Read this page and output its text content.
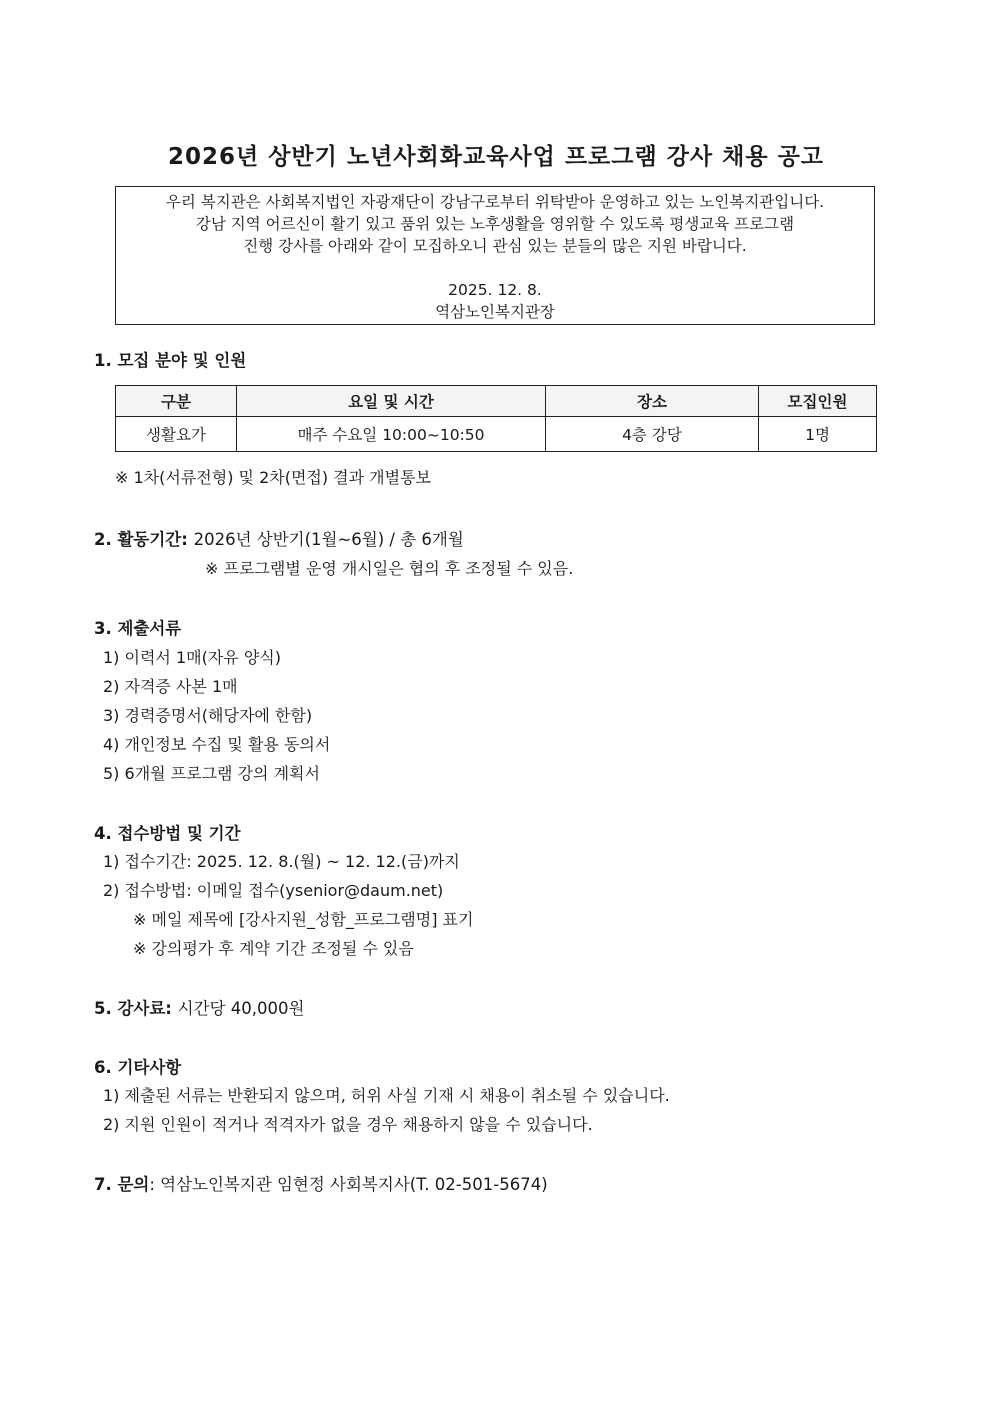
2026년 상반기 노년사회화교육사업 프로그램 강사 채용 공고
우리 복지관은 사회복지법인 자광재단이 강남구로부터 위탁받아 운영하고 있는 노인복지관입니다.
강남 지역 어르신이 활기 있고 품위 있는 노후생활을 영위할 수 있도록 평생교육 프로그램
진행 강사를 아래와 같이 모집하오니 관심 있는 분들의 많은 지원 바랍니다.
2025. 12. 8.
역삼노인복지관장
1. 모집 분야 및 인원
구분	요일 및 시간	장소	모집인원
생활요가	매주 수요일 10:00~10:50	4층 강당	1명
※ 1차(서류전형) 및 2차(면접) 결과 개별통보
2. 활동기간: 2026년 상반기(1월~6월) / 총 6개월
※ 프로그램별 운영 개시일은 협의 후 조정될 수 있음.
3. 제출서류
1) 이력서 1매(자유 양식)
2) 자격증 사본 1매
3) 경력증명서(해당자에 한함)
4) 개인정보 수집 및 활용 동의서
5) 6개월 프로그램 강의 계획서
4. 접수방법 및 기간
1) 접수기간: 2025. 12. 8.(월) ~ 12. 12.(금)까지
2) 접수방법: 이메일 접수(ysenior@daum.net)
※ 메일 제목에 [강사지원_성함_프로그램명] 표기
※ 강의평가 후 계약 기간 조정될 수 있음
5. 강사료: 시간당 40,000원
6. 기타사항
1) 제출된 서류는 반환되지 않으며, 허위 사실 기재 시 채용이 취소될 수 있습니다.
2) 지원 인원이 적거나 적격자가 없을 경우 채용하지 않을 수 있습니다.
7. 문의: 역삼노인복지관 임현정 사회복지사(T. 02-501-5674)
